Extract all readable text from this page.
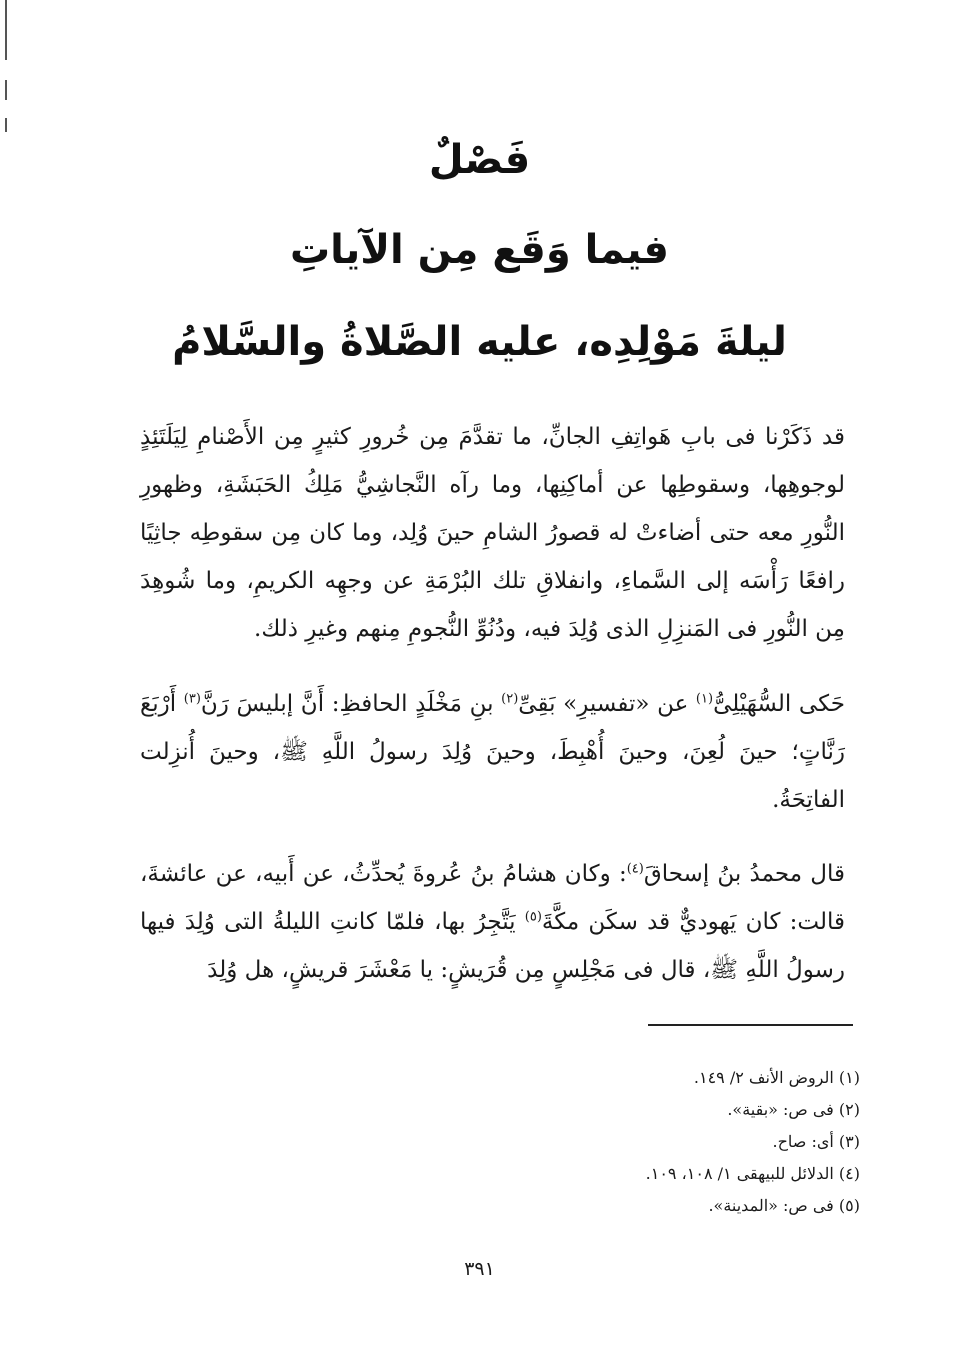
فَصْلٌ
فيما وَقَع مِن الآياتِ
ليلةَ مَوْلِدِه، عليه الصَّلاةُ والسَّلامُ

قد ذَكَرْنا فى بابِ هَواتِفِ الجانِّ، ما تقدَّمَ مِن خُرورِ كثيرٍ مِن الأَصْنامِ لِيَلَتَئِذٍ لوجوهِها، وسقوطِها عن أماكِنِها، وما رآه النَّجاشِيُّ مَلِكُ الحَبَشَةِ، وظهورِ النُّورِ معه حتى أضاءتْ له قصورُ الشامِ حينَ وُلِد، وما كان مِن سقوطِه جاثِيًا رافعًا رَأْسَه إلى السَّماءِ، وانفلاقِ تلك البُرْمَةِ عن وجهِه الكريمِ، وما شُوهِدَ مِن النُّورِ فى المَنزِلِ الذى وُلِدَ فيه، ودُنُوِّ النُّجومِ مِنهم وغيرِ ذلك.

حَكى السُّهَيْلِىُّ$^{(١)}$ عن «تفسيرِ» بَقِىِّ$^{(٢)}$ بنِ مَخْلَدٍ الحافظِ: أَنَّ إبليسَ رَنَّ$^{(٣)}$ أَرْبَعَ رَنَّاتٍ؛ حينَ لُعِنَ، وحينَ أُهْبِطَ، وحينَ وُلِدَ رسولُ اللَّهِ ﷺ، وحينَ أُنزِلت الفاتِحَةُ.

قال محمدُ بنُ إسحاقَ$^{(٤)}$: وكان هشامُ بنُ عُروةَ يُحدِّثُ، عن أَبيه، عن عائشةَ، قالت: كان يَهوديٌّ قد سكَن مكَّةَ$^{(٥)}$ يَتَّجِرُ بها، فلمّا كانتِ الليلةُ التى وُلِدَ فيها رسولُ اللَّهِ ﷺ، قال فى مَجْلِسٍ مِن قُرَيشٍ: يا مَعْشَرَ قريشٍ، هل وُلِدَ

(١) الروض الأنف ٢/ ١٤٩.
(٢) فى ص: «بقية».
(٣) أى: صاح.
(٤) الدلائل للبيهقى ١/ ١٠٨، ١٠٩.
(٥) فى ص: «المدينة».
٣٩١
